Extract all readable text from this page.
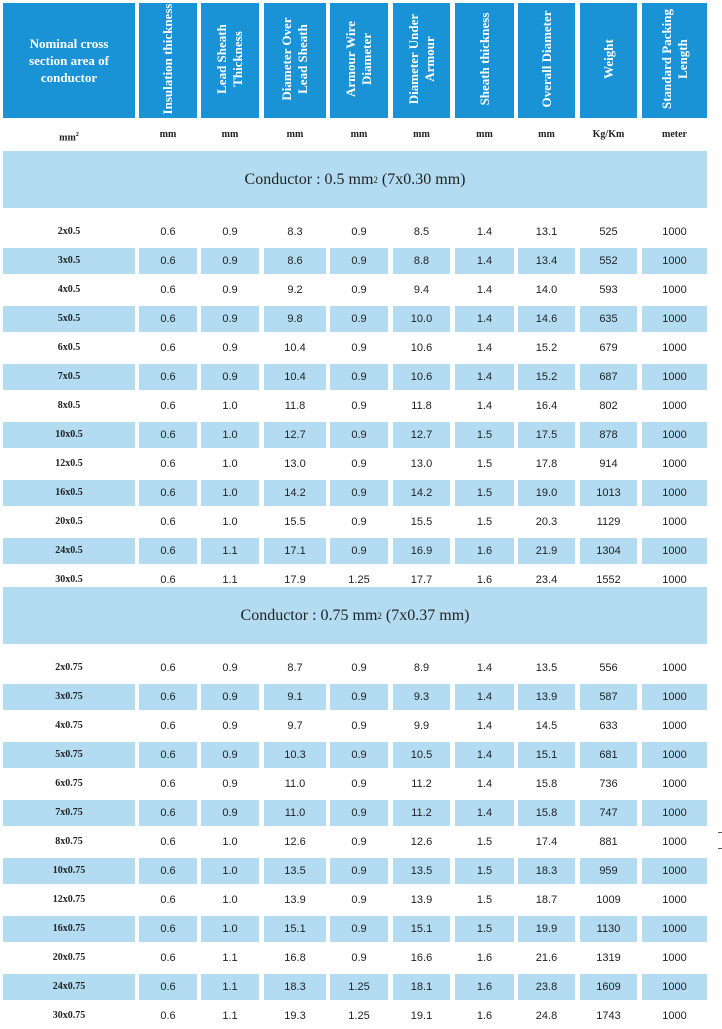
Nominal cross section area of conductor	Insulation thickness	Lead Sheath Thickness	Diameter Over Lead Sheath	Armour Wire Diameter	Diameter Under Armour	Sheath thickness	Overall Diameter	Weight	Standard Packing Length
$mm^2$	mm	mm	mm	mm	mm	mm	mm	Kg/Km	meter
Conductor : 0.5 mm 2 (7x0.30 mm)
2x0.5	0.6	0.9	8.3	0.9	8.5	1.4	13.1	525	1000
3x0.5	0.6	0.9	8.6	0.9	8.8	1.4	13.4	552	1000
4x0.5	0.6	0.9	9.2	0.9	9.4	1.4	14.0	593	1000
5x0.5	0.6	0.9	9.8	0.9	10.0	1.4	14.6	635	1000
6x0.5	0.6	0.9	10.4	0.9	10.6	1.4	15.2	679	1000
7x0.5	0.6	0.9	10.4	0.9	10.6	1.4	15.2	687	1000
8x0.5	0.6	1.0	11.8	0.9	11.8	1.4	16.4	802	1000
10x0.5	0.6	1.0	12.7	0.9	12.7	1.5	17.5	878	1000
12x0.5	0.6	1.0	13.0	0.9	13.0	1.5	17.8	914	1000
16x0.5	0.6	1.0	14.2	0.9	14.2	1.5	19.0	1013	1000
20x0.5	0.6	1.0	15.5	0.9	15.5	1.5	20.3	1129	1000
24x0.5	0.6	1.1	17.1	0.9	16.9	1.6	21.9	1304	1000
30x0.5	0.6	1.1	17.9	1.25	17.7	1.6	23.4	1552	1000
Conductor : 0.75 mm 2 (7x0.37 mm)
2x0.75	0.6	0.9	8.7	0.9	8.9	1.4	13.5	556	1000
3x0.75	0.6	0.9	9.1	0.9	9.3	1.4	13.9	587	1000
4x0.75	0.6	0.9	9.7	0.9	9.9	1.4	14.5	633	1000
5x0.75	0.6	0.9	10.3	0.9	10.5	1.4	15.1	681	1000
6x0.75	0.6	0.9	11.0	0.9	11.2	1.4	15.8	736	1000
7x0.75	0.6	0.9	11.0	0.9	11.2	1.4	15.8	747	1000
8x0.75	0.6	1.0	12.6	0.9	12.6	1.5	17.4	881	1000
10x0.75	0.6	1.0	13.5	0.9	13.5	1.5	18.3	959	1000
12x0.75	0.6	1.0	13.9	0.9	13.9	1.5	18.7	1009	1000
16x0.75	0.6	1.0	15.1	0.9	15.1	1.5	19.9	1130	1000
20x0.75	0.6	1.1	16.8	0.9	16.6	1.6	21.6	1319	1000
24x0.75	0.6	1.1	18.3	1.25	18.1	1.6	23.8	1609	1000
30x0.75	0.6	1.1	19.3	1.25	19.1	1.6	24.8	1743	1000
